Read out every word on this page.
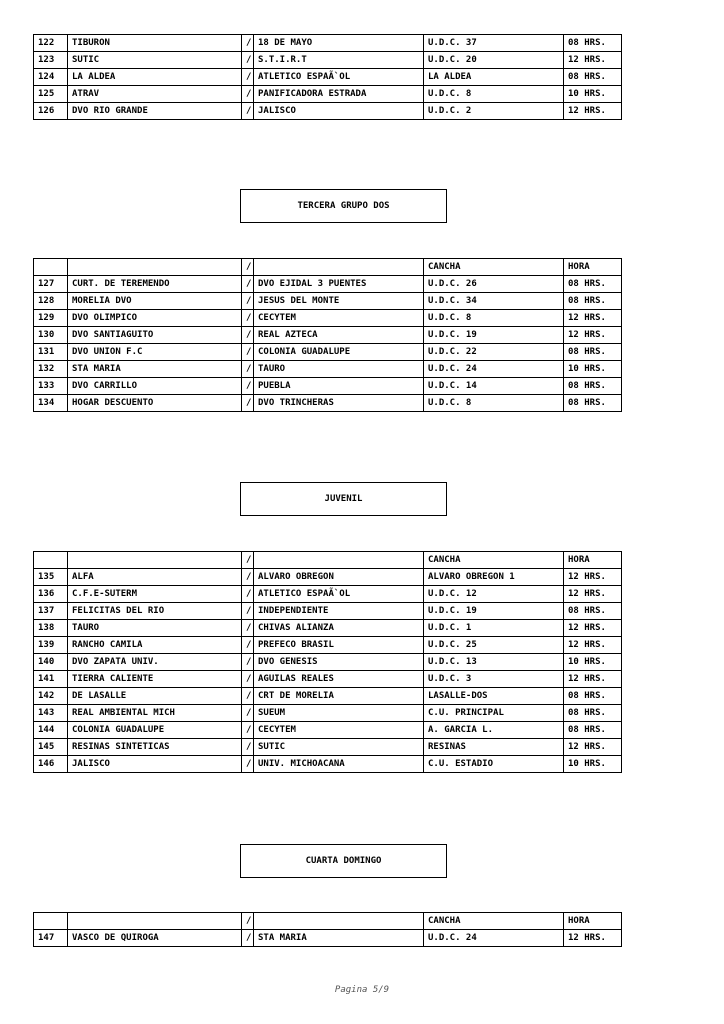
122	TIBURON	/	18 DE MAYO	U.D.C. 37	08 HRS.
123	SUTIC	/	S.T.I.R.T	U.D.C. 20	12 HRS.
124	LA ALDEA	/	ATLETICO ESPAÃ`OL	LA ALDEA	08 HRS.
125	ATRAV	/	PANIFICADORA ESTRADA	U.D.C. 8	10 HRS.
126	DVO RIO GRANDE	/	JALISCO	U.D.C. 2	12 HRS.
TERCERA GRUPO DOS
		/		CANCHA	HORA
127	CURT. DE TEREMENDO	/	DVO EJIDAL 3 PUENTES	U.D.C. 26	08 HRS.
128	MORELIA DVO	/	JESUS DEL MONTE	U.D.C. 34	08 HRS.
129	DVO OLIMPICO	/	CECYTEM	U.D.C. 8	12 HRS.
130	DVO SANTIAGUITO	/	REAL AZTECA	U.D.C. 19	12 HRS.
131	DVO UNION F.C	/	COLONIA GUADALUPE	U.D.C. 22	08 HRS.
132	STA MARIA	/	TAURO	U.D.C. 24	10 HRS.
133	DVO CARRILLO	/	PUEBLA	U.D.C. 14	08 HRS.
134	HOGAR DESCUENTO	/	DVO TRINCHERAS	U.D.C. 8	08 HRS.
JUVENIL
		/		CANCHA	HORA
135	ALFA	/	ALVARO OBREGON	ALVARO OBREGON 1	12 HRS.
136	C.F.E-SUTERM	/	ATLETICO ESPAÃ`OL	U.D.C. 12	12 HRS.
137	FELICITAS DEL RIO	/	INDEPENDIENTE	U.D.C. 19	08 HRS.
138	TAURO	/	CHIVAS ALIANZA	U.D.C. 1	12 HRS.
139	RANCHO CAMILA	/	PREFECO BRASIL	U.D.C. 25	12 HRS.
140	DVO ZAPATA UNIV.	/	DVO GENESIS	U.D.C. 13	10 HRS.
141	TIERRA CALIENTE	/	AGUILAS REALES	U.D.C. 3	12 HRS.
142	DE LASALLE	/	CRT DE MORELIA	LASALLE-DOS	08 HRS.
143	REAL AMBIENTAL MICH	/	SUEUM	C.U. PRINCIPAL	08 HRS.
144	COLONIA GUADALUPE	/	CECYTEM	A. GARCIA L.	08 HRS.
145	RESINAS SINTETICAS	/	SUTIC	RESINAS	12 HRS.
146	JALISCO	/	UNIV. MICHOACANA	C.U. ESTADIO	10 HRS.
CUARTA DOMINGO
		/		CANCHA	HORA
147	VASCO DE QUIROGA	/	STA MARIA	U.D.C. 24	12 HRS.
Pagina 5/9
